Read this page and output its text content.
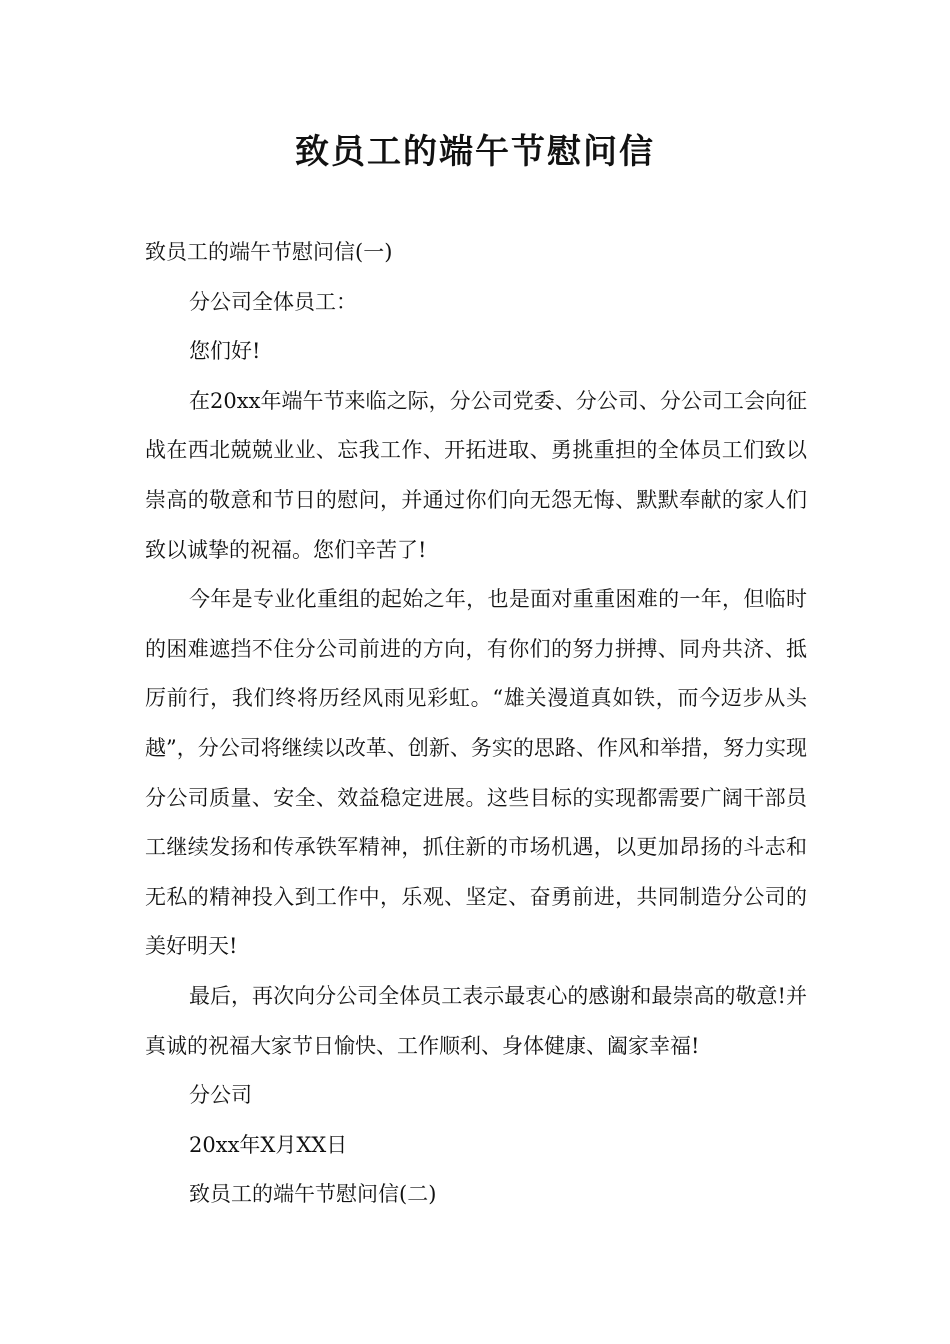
致员工的端午节慰问信

致员工的端午节慰问信(一)

分公司全体员工：

您们好!

在20xx年端午节来临之际，分公司党委、分公司、分公司工会向征战在西北兢兢业业、忘我工作、开拓进取、勇挑重担的全体员工们致以崇高的敬意和节日的慰问，并通过你们向无怨无悔、默默奉献的家人们致以诚挚的祝福。您们辛苦了!

今年是专业化重组的起始之年，也是面对重重困难的一年，但临时的困难遮挡不住分公司前进的方向，有你们的努力拼搏、同舟共济、抵厉前行，我们终将历经风雨见彩虹。“雄关漫道真如铁，而今迈步从头越”，分公司将继续以改革、创新、务实的思路、作风和举措，努力实现分公司质量、安全、效益稳定进展。这些目标的实现都需要广阔干部员工继续发扬和传承铁军精神，抓住新的市场机遇，以更加昂扬的斗志和无私的精神投入到工作中，乐观、坚定、奋勇前进，共同制造分公司的美好明天!

最后，再次向分公司全体员工表示最衷心的感谢和最崇高的敬意!并真诚的祝福大家节日愉快、工作顺利、身体健康、阖家幸福!

分公司

20xx年X月XX日

致员工的端午节慰问信(二)
